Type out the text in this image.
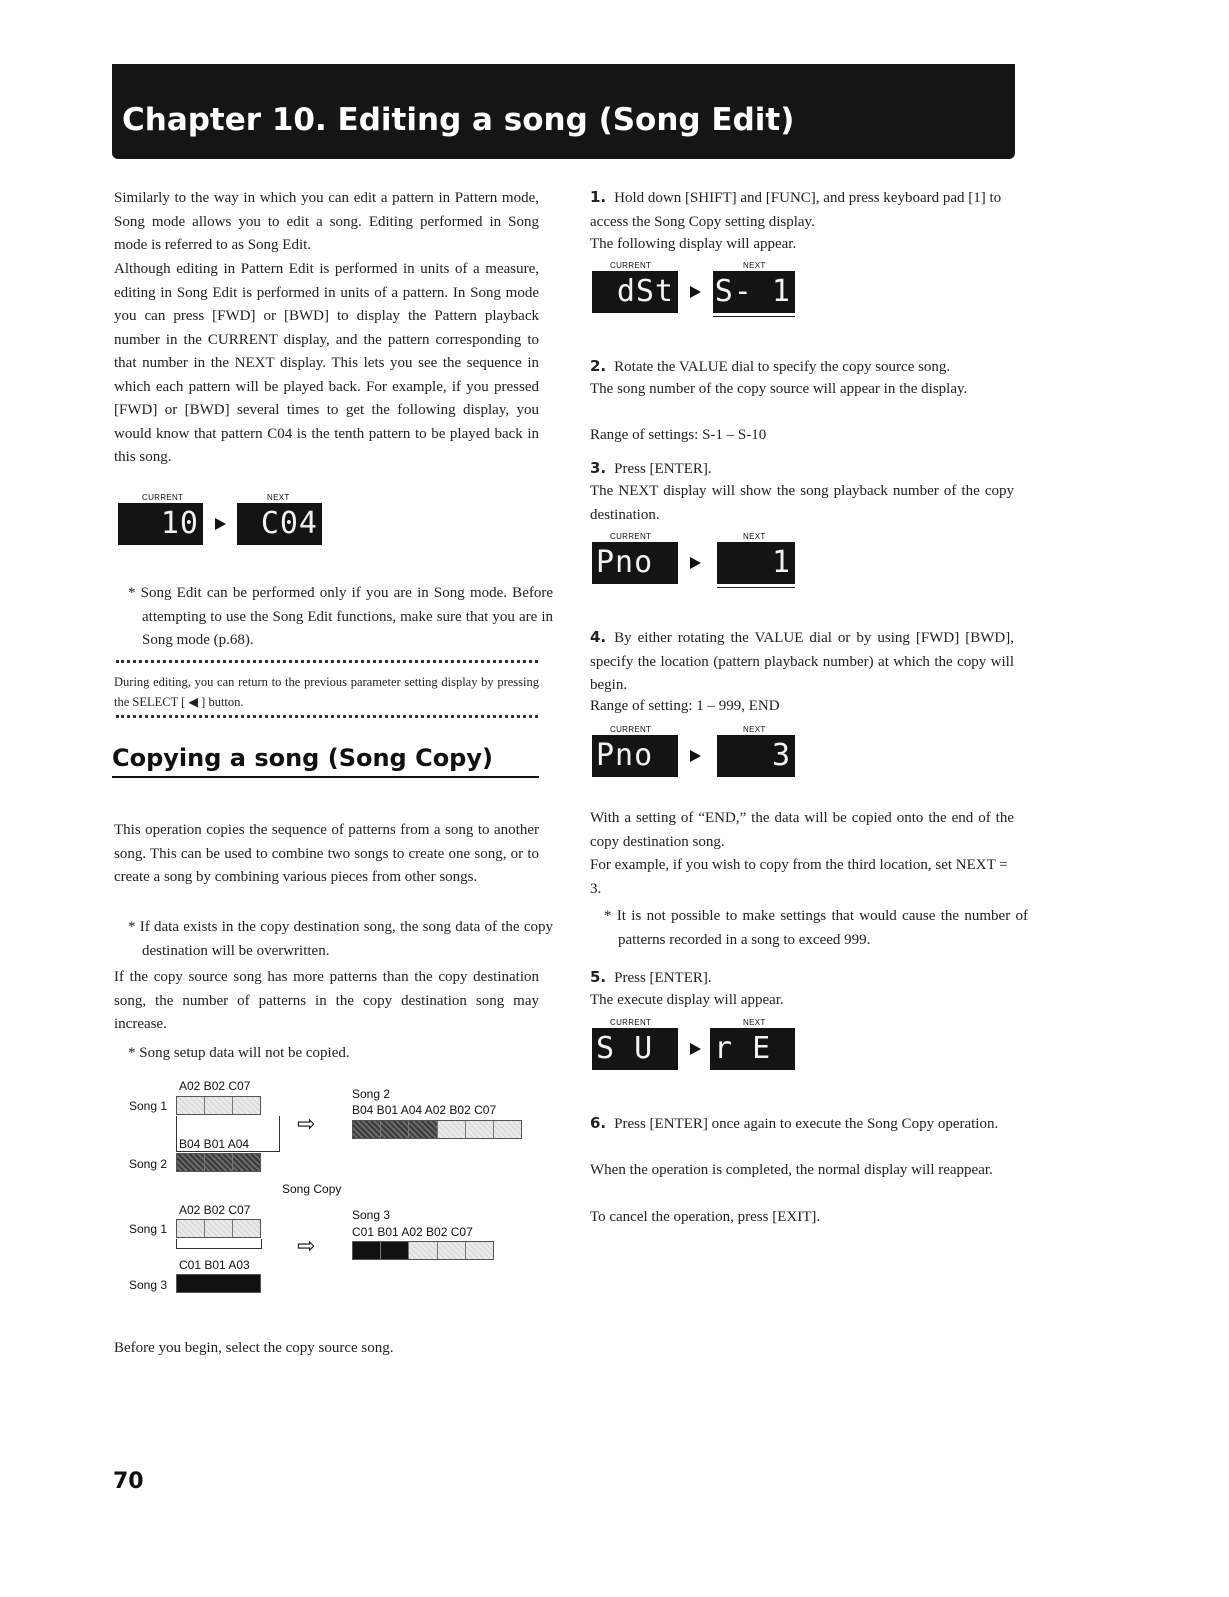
Chapter 10. Editing a song (Song Edit)
Similarly to the way in which you can edit a pattern in Pattern mode, Song mode allows you to edit a song. Editing performed in Song mode is referred to as Song Edit.
Although editing in Pattern Edit is performed in units of a measure, editing in Song Edit is performed in units of a pattern. In Song mode you can press [FWD] or [BWD] to display the Pattern playback number in the CURRENT display, and the pattern corresponding to that number in the NEXT display. This lets you see the sequence in which each pattern will be played back. For example, if you pressed [FWD] or [BWD] several times to get the following display, you would know that pattern C04 is the tenth pattern to be played back in this song.
CURRENT	NEXT
10	C04
* Song Edit can be performed only if you are in Song mode. Before attempting to use the Song Edit functions, make sure that you are in Song mode (p.68).
During editing, you can return to the previous parameter setting display by pressing the SELECT [ ◀ ] button.
Copying a song (Song Copy)
This operation copies the sequence of patterns from a song to another song. This can be used to combine two songs to create one song, or to create a song by combining various pieces from other songs.
* If data exists in the copy destination song, the song data of the copy destination will be overwritten.
If the copy source song has more patterns than the copy destination song, the number of patterns in the copy destination song may increase.
* Song setup data will not be copied.
A02 B02 C07
Song 1
B04 B01 A04
Song 2
⇨
Song 2
B04 B01 A04 A02 B02 C07
Song Copy
A02 B02 C07
Song 1
C01 B01 A03
Song 3
⇨
Song 3
C01 B01 A02 B02 C07
Before you begin, select the copy source song.
1. Hold down [SHIFT] and [FUNC], and press keyboard pad [1] to access the Song Copy setting display.
The following display will appear.
CURRENT	NEXT
dSt S- 1
2. Rotate the VALUE dial to specify the copy source song.
The song number of the copy source will appear in the display.
Range of settings: S-1 – S-10
3. Press [ENTER].
The NEXT display will show the song playback number of the copy destination.
CURRENT	NEXT
Pno	1
4. By either rotating the VALUE dial or by using [FWD] [BWD], specify the location (pattern playback number) at which the copy will begin.
Range of setting: 1 – 999, END
CURRENT	NEXT
Pno	3
With a setting of “END,” the data will be copied onto the end of the copy destination song.
For example, if you wish to copy from the third location, set NEXT = 3.
* It is not possible to make settings that would cause the number of patterns recorded in a song to exceed 999.
5. Press [ENTER].
The execute display will appear.
CURRENT	NEXT
S U	r E
6. Press [ENTER] once again to execute the Song Copy operation.
When the operation is completed, the normal display will reappear.
To cancel the operation, press [EXIT].
70
